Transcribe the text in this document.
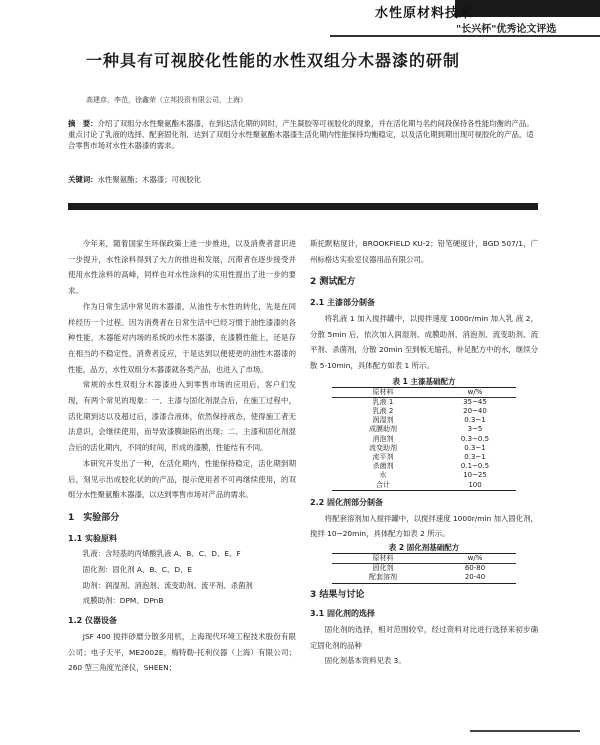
水性原材料技术
"长兴杯"优秀论文评选
一种具有可视胶化性能的水性双组分木器漆的研制
高建彦，李范，徐鑫荣（立邦投资有限公司，上海）
摘　要：介绍了双组分水性聚氨酯木器漆，在到达活化期的同时，产生凝胶等可视胶化的现象，并在活化期与名约间段保持各性能均衡的产品。重点讨论了乳液的选择、配套固化剂、达到了双组分水性聚氨酯木器漆生活化期内性能保持均衡稳定，以及活化期到期出现可视胶化的产品，适合零售市场对水性木器漆的需求。
关键词：水性聚氨酯；木器漆；可视胶化

今年来，随着国家生环保政策上进一步推进，以及消费者意识进一步提升，水性涂料得到了大力的推进和发展，沉滞者在逐步接受并使用水性涂料的高峰，同样也对水性涂料的实用性提出了进一步的要求。

作为日常生活中常见的木器漆，从油性专水性的转化，先是在同样经历一个过程。因为消费者在日常生活中已经习惯于油性漆漆的各种性能，木器能对内场的系统的水性木器漆，在漆膜性能上，还是存在相当的不稳定性，消费者反应，于是达到以便使更的油性木器漆的性能，品方，水性双组分木器漆就各类产品，也进入了市场。

常规的水性双组分木器漆进入到零售市场的应用后，客户们发现，有两个常见的现象：一、主漆与固化剂混合后，在施工过程中，活化期到达以及超过后，漆漆合液体，依然保持液态，使得施工者无法意识，会继续使用，而导致漆膜缺陷的出现；二、主漆和固化剂混合后的活化期内，不同的时间，形成的漆膜，性能结有不同。

本研究开发出了一种，在活化期内，性能保持稳定，活化期到期后，刻见示出成胶化状的的产品，提示使用者不可再继续使用，的双组分水性聚氨酯木器漆，以达到零售市场对产品的需求。

1　实验部分
1.1 实验原料

乳液：含羟基的丙烯酸乳液 A、B、C、D、E、F

固化剂：固化剂 A、B、C、D、E

助剂：润湿剂、消泡剂、流变助剂、流平剂、杀菌剂

成膜助剂：DPM、DPnB

1.2 仪器设备

JSF 400 搅拌砂磨分散多用机，上海现代环境工程技术股份有限公司；电子天平，ME2002E，梅特勒-托利仪器（上海）有限公司；260 型三角度光泽仪，SHEEN；

斯托默粘度计，BROOKFIELD KU-2；铅笔硬度计，BGD 507/1，广州标格达实验室仪器用品有限公司。

2 测试配方
2.1 主漆部分制备

将乳液 1 加入搅拌罐中，以搅拌速度 1000r/min 加入乳 液 2，分散 5min 后，依次加入润湿剂、成膜助剂、消泡剂、流变助剂、流平剂、杀菌剂，分散 20min 至到板无缩孔，补足配方中的水，继续分散 5-10min，具体配方如表 1 所示。

表 1 主漆基础配方
原材料	w/%
乳液 1	35~45
乳液 2	20~40
润湿剂	0.3~1
成膜助剂	3~5
消泡剂	0.3~0.5
流变助剂	0.3~1
流平剂	0.3~1
杀菌剂	0.1~0.5
水	10~25
合计	100
2.2 固化剂部分制备

将配套溶剂加入搅拌罐中，以搅拌速度 1000r/min 加入固化剂，搅拌 10~20min，具体配方如表 2 所示。

表 2 固化剂基础配方
原材料	w/%
固化剂	60-80
配套溶剂	20-40
3 结果与讨论
3.1 固化剂的选择

固化剂的选择，相对范围较窄，经过资料对比进行选择来初步确定固化剂的品种

固化剂基本资料见表 3。
